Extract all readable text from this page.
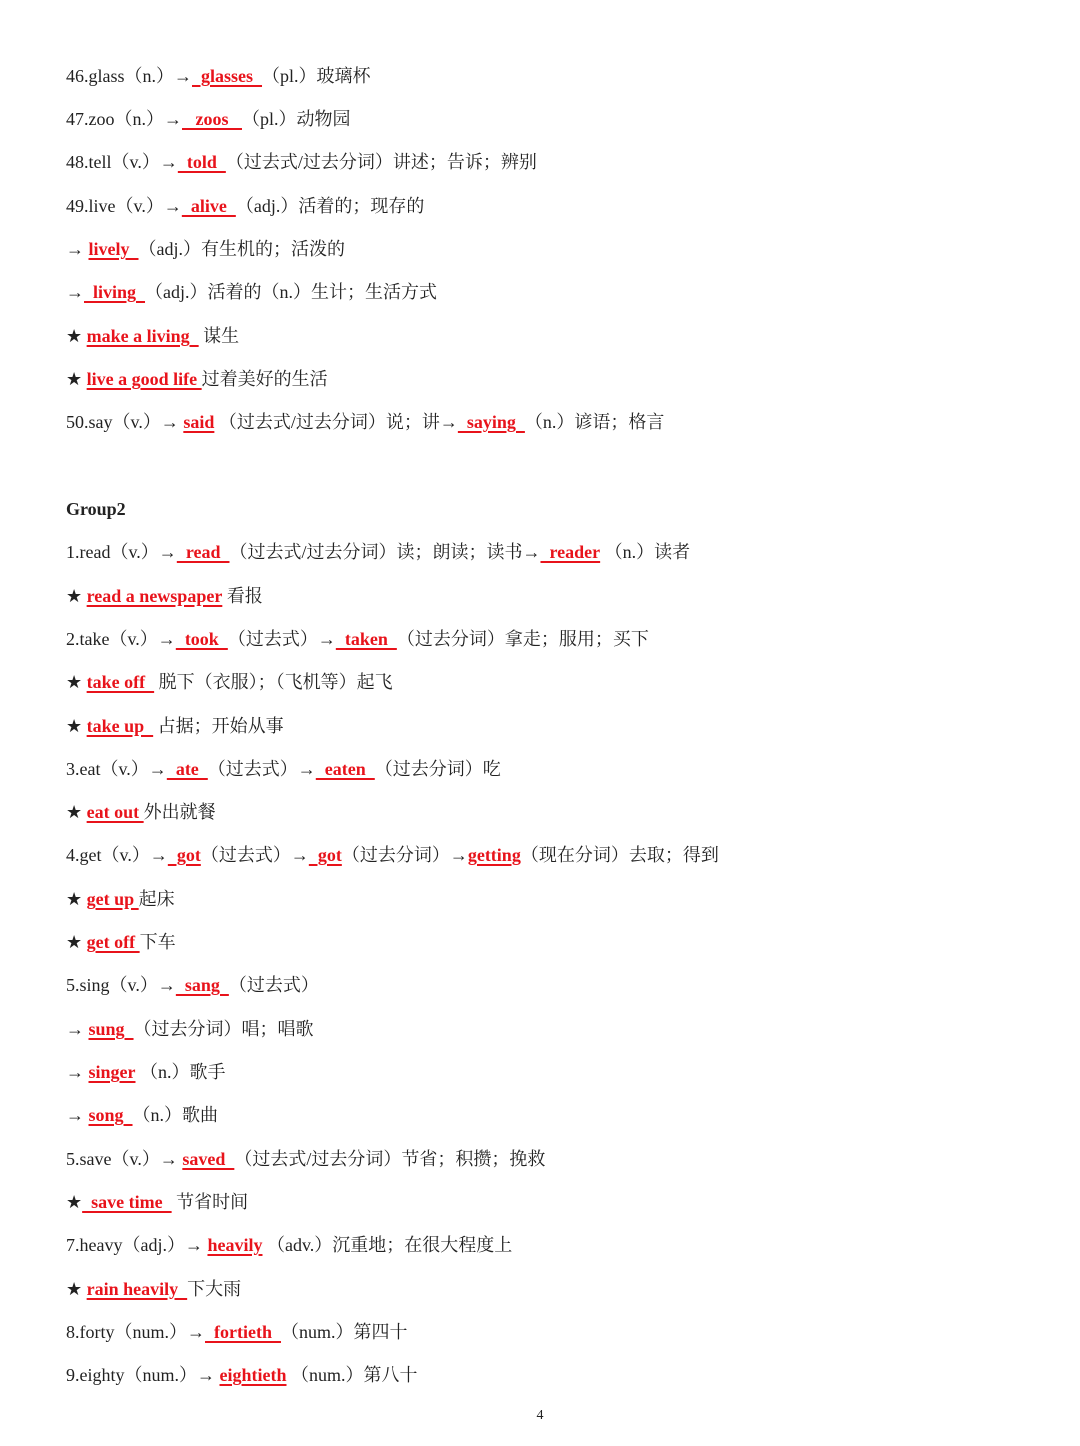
46.glass（n.）→  glasses  （pl.）玻璃杯
47.zoo（n.）→   zoos   （pl.）动物园
48.tell（v.）→  told  （过去式/过去分词）讲述；告诉；辨别
49.live（v.）→  alive  （adj.）活着的；现存的
→ lively  （adj.）有生机的；活泼的
→  living  （adj.）活着的（n.）生计；生活方式
★ make a living   谋生
★ live a good life 过着美好的生活
50.say（v.）→ said （过去式/过去分词）说；讲→  saying  （n.）谚语；格言
Group2
1.read（v.）→  read  （过去式/过去分词）读；朗读；读书→  reader （n.）读者
★ read a newspaper 看报
2.take（v.）→  took  （过去式）→  taken  （过去分词）拿走；服用；买下
★ take off   脱下（衣服）；（飞机等）起飞
★ take up   占据；开始从事
3.eat（v.）→  ate  （过去式）→  eaten  （过去分词）吃
★ eat out 外出就餐
4.get（v.）→  got（过去式）→  got（过去分词）→getting（现在分词）去取；得到
★ get up 起床
★ get off 下车
5.sing（v.）→  sang  （过去式）
→ sung  （过去分词）唱；唱歌
→ singer （n.）歌手
→ song  （n.）歌曲
5.save（v.）→ saved  （过去式/过去分词）节省；积攒；挽救
★  save time   节省时间
7.heavy（adj.）→ heavily （adv.）沉重地；在很大程度上
★ rain heavily  下大雨
8.forty（num.）→  fortieth  （num.）第四十
9.eighty（num.）→ eightieth （num.）第八十
4
